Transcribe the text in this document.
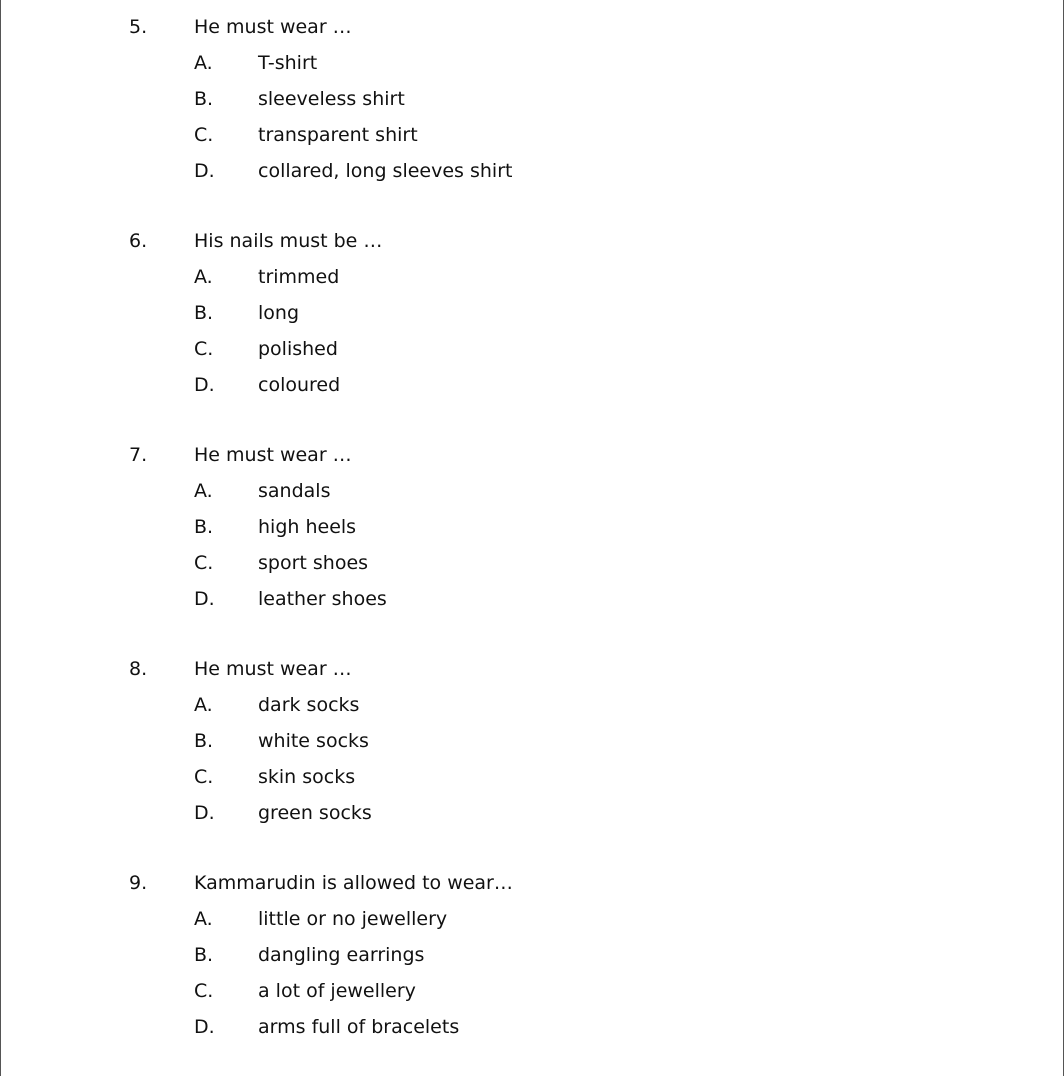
5. He must wear …
A. T-shirt
B. sleeveless shirt
C. transparent shirt
D. collared, long sleeves shirt
6. His nails must be …
A. trimmed
B. long
C. polished
D. coloured
7. He must wear …
A. sandals
B. high heels
C. sport shoes
D. leather shoes
8. He must wear …
A. dark socks
B. white socks
C. skin socks
D. green socks
9. Kammarudin is allowed to wear…
A. little or no jewellery
B. dangling earrings
C. a lot of jewellery
D. arms full of bracelets
